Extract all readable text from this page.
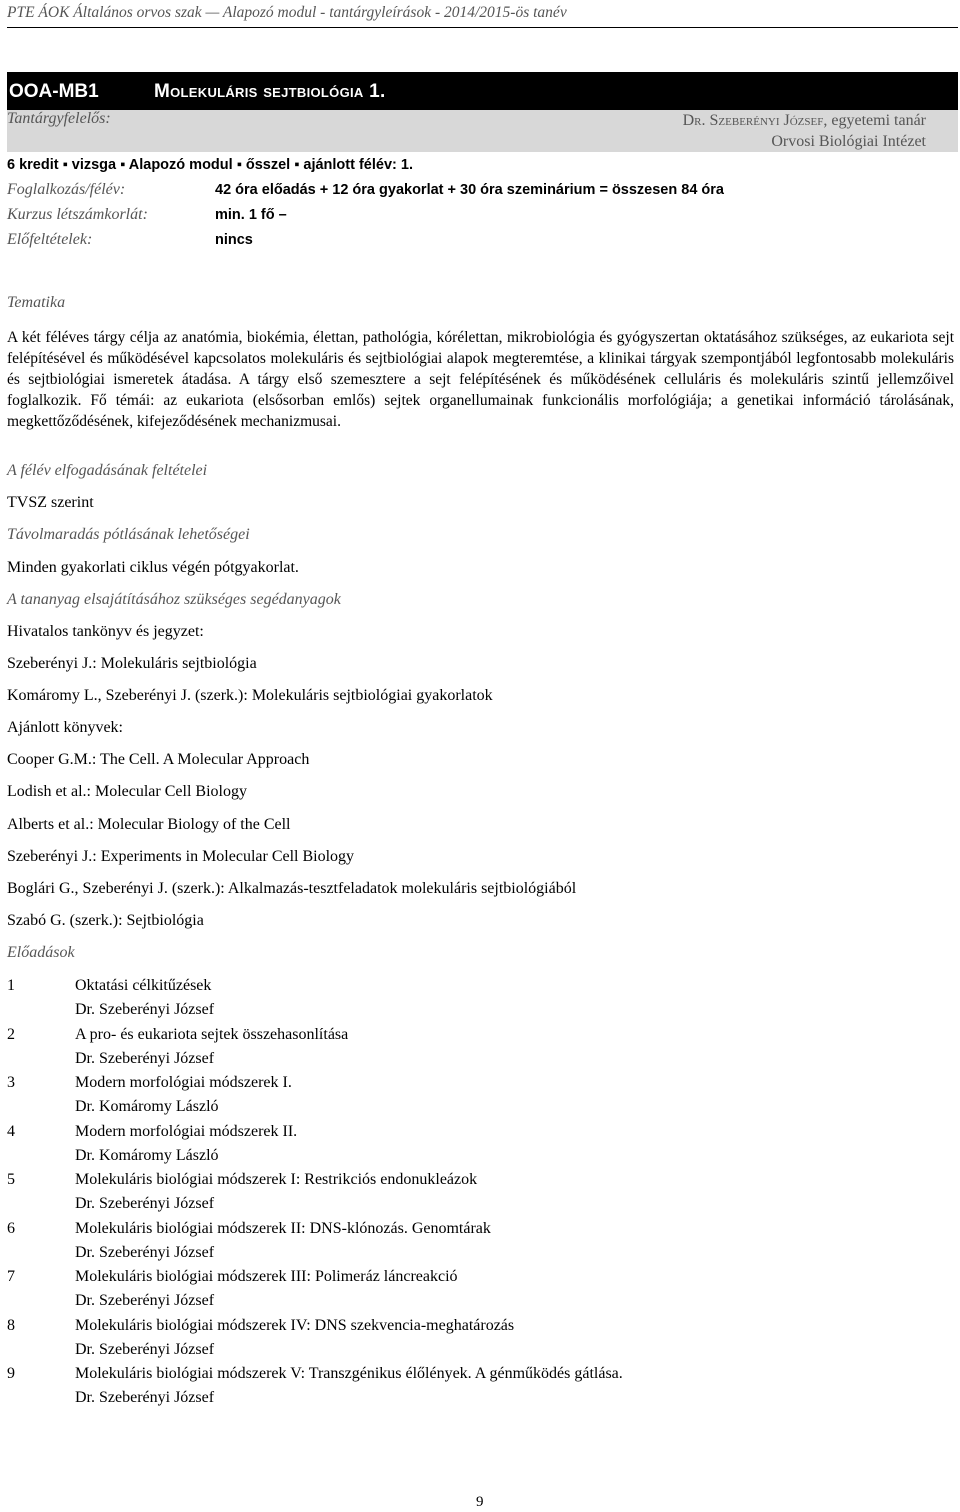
PTE ÁOK Általános orvos szak — Alapozó modul - tantárgyleírások - 2014/2015-ös tanév
OOA-MB1	Molekuláris sejtbiológia 1.
Tantárgyfelelős:	Dr. Szeberényi József, egyetemi tanár
Orvosi Biológiai Intézet
6 kredit ▪ vizsga ▪ Alapozó modul ▪ ősszel ▪ ajánlott félév: 1.
Foglalkozás/félév:	42 óra előadás + 12 óra gyakorlat + 30 óra szeminárium = összesen 84 óra
Kurzus létszámkorlát:	min. 1 fő –
Előfeltételek:	nincs
Tematika
A két féléves tárgy célja az anatómia, biokémia, élettan, pathológia, kórélettan, mikrobiológia és gyógyszertan oktatásához szükséges, az eukariota sejt felépítésével és működésével kapcsolatos molekuláris és sejtbiológiai alapok megteremtése, a klinikai tárgyak szempontjából legfontosabb molekuláris és sejtbiológiai ismeretek átadása. A tárgy első szemesztere a sejt felépítésének és működésének celluláris és molekuláris szintű jellemzőivel foglalkozik. Fő témái: az eukariota (elsősorban emlős) sejtek organellumainak funkcionális morfológiája; a genetikai információ tárolásának, megkettőződésének, kifejeződésének mechanizmusai.
A félév elfogadásának feltételei
TVSZ szerint
Távolmaradás pótlásának lehetőségei
Minden gyakorlati ciklus végén pótgyakorlat.
A tananyag elsajátításához szükséges segédanyagok
Hivatalos tankönyv és jegyzet:
Szeberényi J.: Molekuláris sejtbiológia
Komáromy L., Szeberényi J. (szerk.): Molekuláris sejtbiológiai gyakorlatok
Ajánlott könyvek:
Cooper G.M.: The Cell. A Molecular Approach
Lodish et al.: Molecular Cell Biology
Alberts et al.: Molecular Biology of the Cell
Szeberényi J.: Experiments in Molecular Cell Biology
Boglári G., Szeberényi J. (szerk.): Alkalmazás-tesztfeladatok molekuláris sejtbiológiából
Szabó G. (szerk.): Sejtbiológia
Előadások
1	Oktatási célkitűzések
Dr. Szeberényi József
2	A pro- és eukariota sejtek összehasonlítása
Dr. Szeberényi József
3	Modern morfológiai módszerek I.
Dr. Komáromy László
4	Modern morfológiai módszerek II.
Dr. Komáromy László
5	Molekuláris biológiai módszerek I: Restrikciós endonukleázok
Dr. Szeberényi József
6	Molekuláris biológiai módszerek II: DNS-klónozás. Genomtárak
Dr. Szeberényi József
7	Molekuláris biológiai módszerek III: Polimeráz láncreakció
Dr. Szeberényi József
8	Molekuláris biológiai módszerek IV: DNS szekvencia-meghatározás
Dr. Szeberényi József
9	Molekuláris biológiai módszerek V: Transzgénikus élőlények. A génműködés gátlása.
Dr. Szeberényi József
9
